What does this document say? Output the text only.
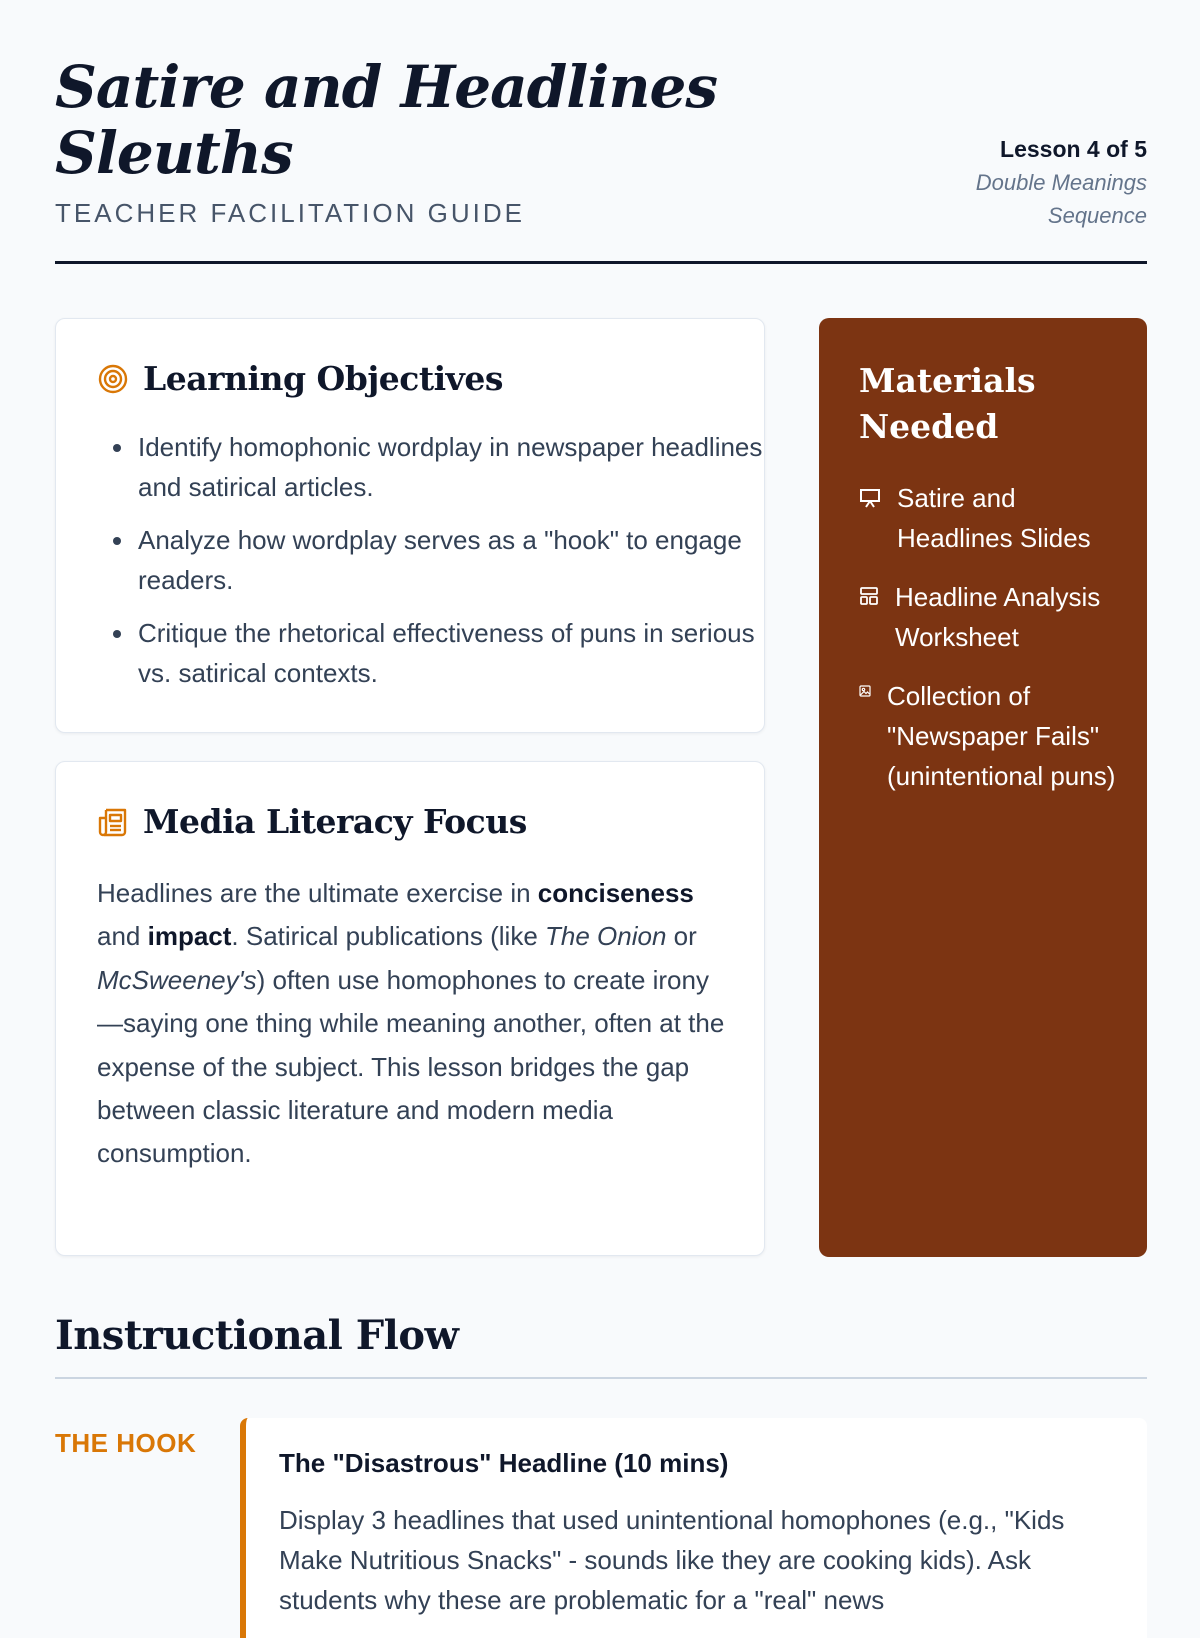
Satire and Headlines
Sleuths

TEACHER FACILITATION GUIDE

Lesson 4 of 5
Double Meanings Sequence
Learning Objectives
• Identify homophonic wordplay in newspaper headlines and satirical articles.
• Analyze how wordplay serves as a "hook" to engage readers.
• Critique the rhetorical effectiveness of puns in serious vs. satirical contexts.
Media Literacy Focus

Headlines are the ultimate exercise in conciseness and impact. Satirical publications (like The Onion or McSweeney's) often use homophones to create irony—saying one thing while meaning another, often at the expense of the subject. This lesson bridges the gap between classic literature and modern media consumption.

Materials Needed
Satire and Headlines Slides
Headline Analysis Worksheet
Collection of "Newspaper Fails" (unintentional puns)
Instructional Flow
THE HOOK
The "Disastrous" Headline (10 mins)

Display 3 headlines that used unintentional homophones (e.g., "Kids Make Nutritious Snacks" - sounds like they are cooking kids). Ask students why these are problematic for a "real" news
